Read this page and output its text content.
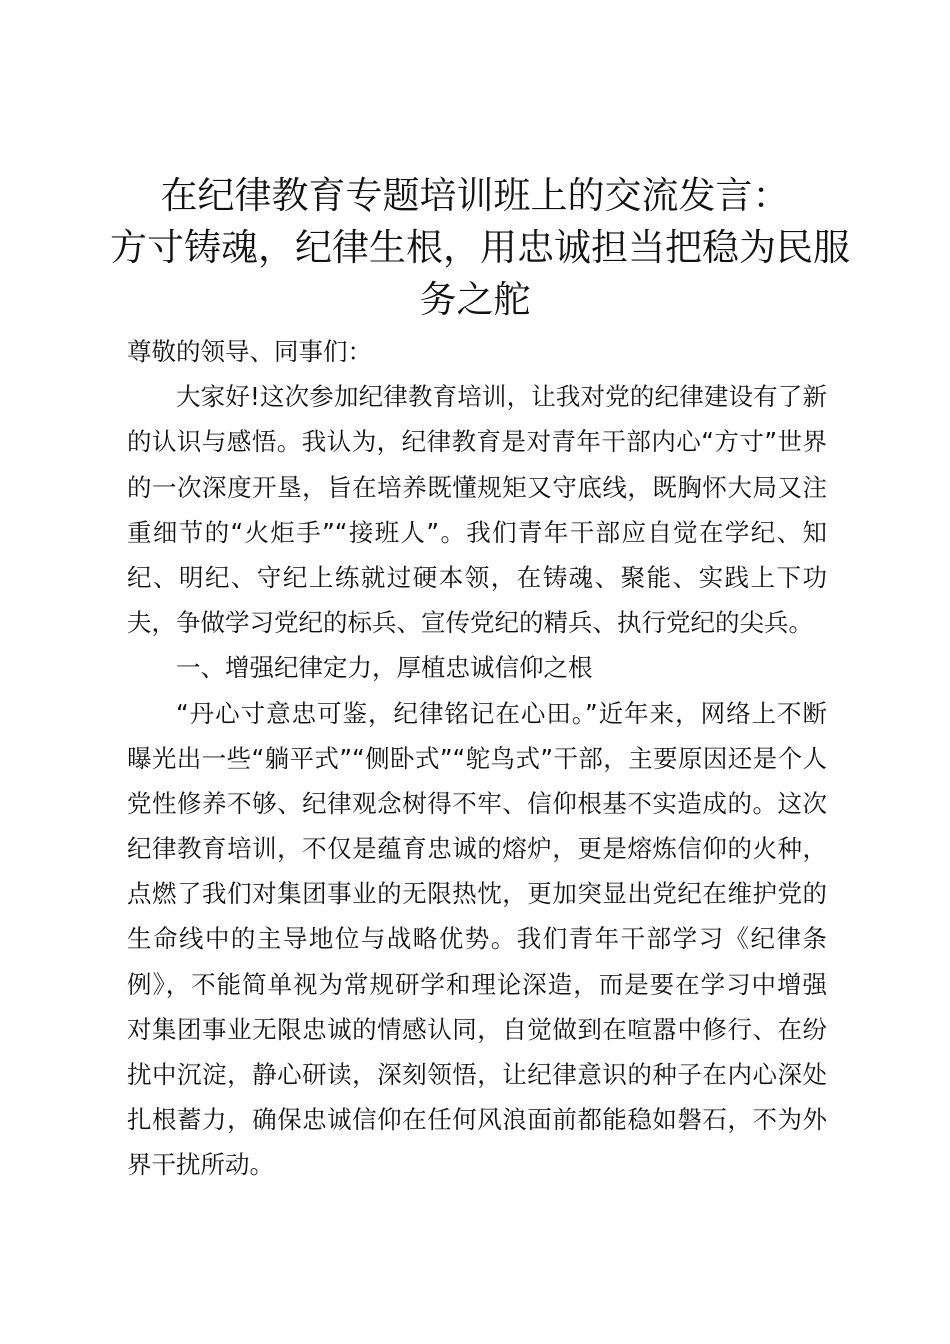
在纪律教育专题培训班上的交流发言：
方寸铸魂，纪律生根，用忠诚担当把稳为民服
务之舵
尊敬的领导、同事们：
大家好!这次参加纪律教育培训，让我对党的纪律建设有了新
的认识与感悟。我认为，纪律教育是对青年干部内心“方寸”世界
的一次深度开垦，旨在培养既懂规矩又守底线，既胸怀大局又注
重细节的“火炬手”“接班人”。我们青年干部应自觉在学纪、知
纪、明纪、守纪上练就过硬本领，在铸魂、聚能、实践上下功
夫，争做学习党纪的标兵、宣传党纪的精兵、执行党纪的尖兵。
一、增强纪律定力，厚植忠诚信仰之根
“丹心寸意忠可鉴，纪律铭记在心田。”近年来，网络上不断
曝光出一些“躺平式”“侧卧式”“鸵鸟式”干部，主要原因还是个人
党性修养不够、纪律观念树得不牢、信仰根基不实造成的。这次
纪律教育培训，不仅是蕴育忠诚的熔炉，更是熔炼信仰的火种，
点燃了我们对集团事业的无限热忱，更加突显出党纪在维护党的
生命线中的主导地位与战略优势。我们青年干部学习《纪律条
例》，不能简单视为常规研学和理论深造，而是要在学习中增强
对集团事业无限忠诚的情感认同，自觉做到在喧嚣中修行、在纷
扰中沉淀，静心研读，深刻领悟，让纪律意识的种子在内心深处
扎根蓄力，确保忠诚信仰在任何风浪面前都能稳如磐石，不为外
界干扰所动。
